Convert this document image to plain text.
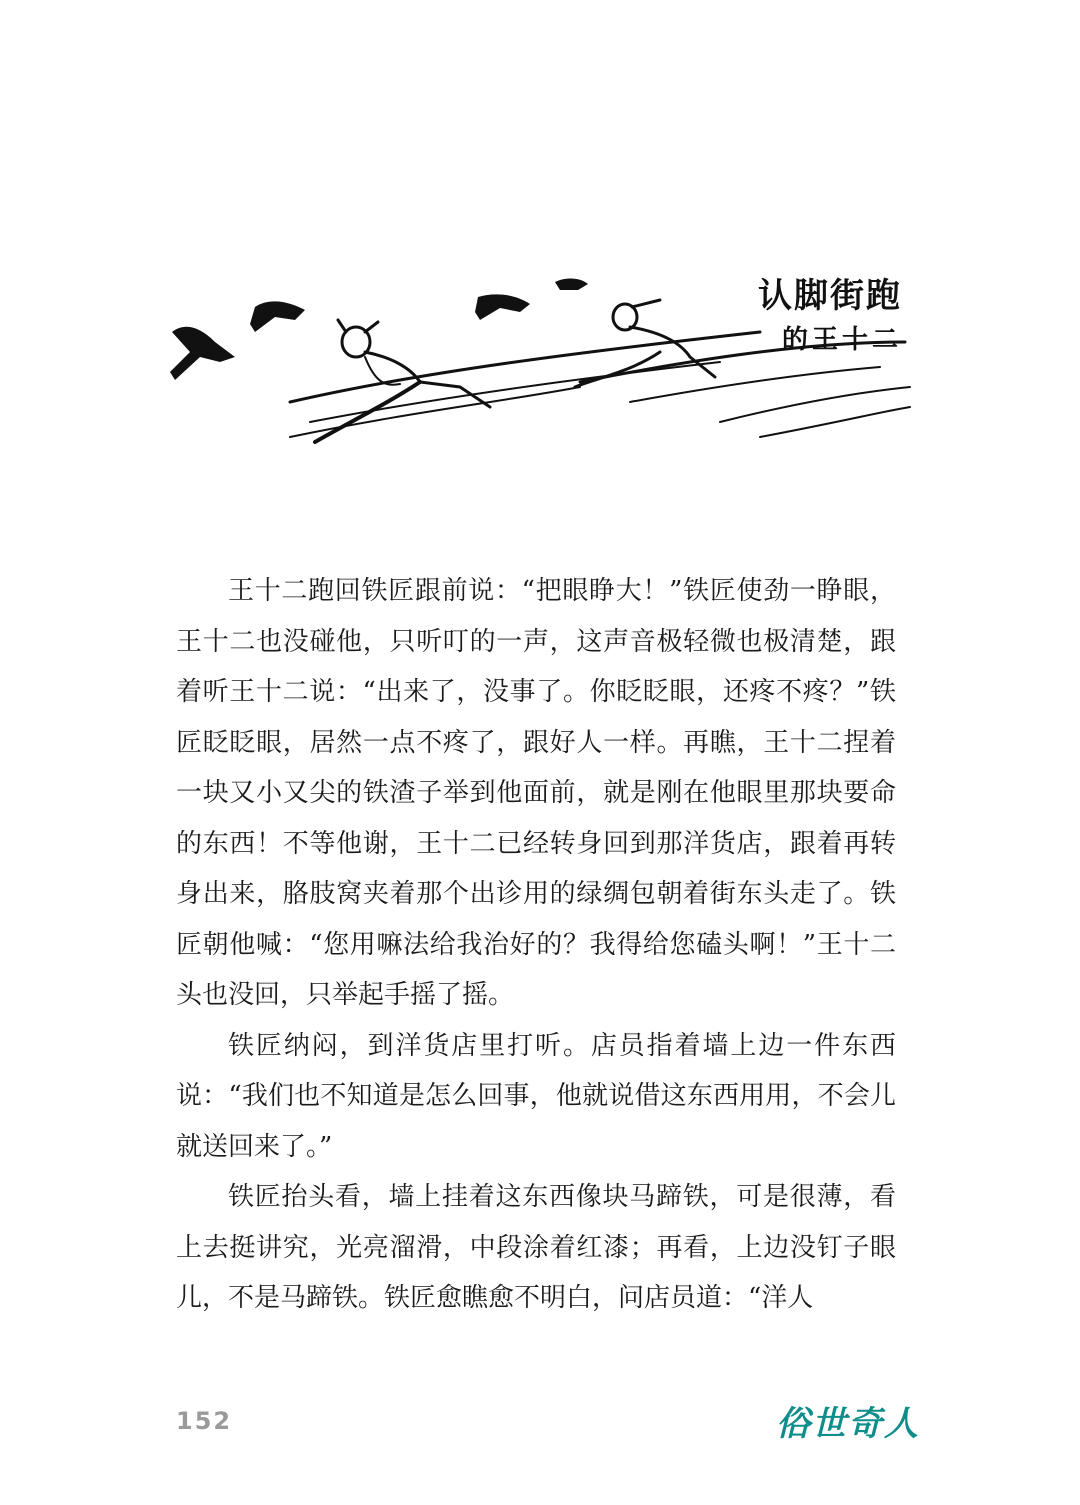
认脚街跑
的王十二

王十二跑回铁匠跟前说：“把眼睁大！”铁匠使劲一睁眼，王十二也没碰他，只听叮的一声，这声音极轻微也极清楚，跟着听王十二说：“出来了，没事了。你眨眨眼，还疼不疼？”铁匠眨眨眼，居然一点不疼了，跟好人一样。再瞧，王十二捏着一块又小又尖的铁渣子举到他面前，就是刚在他眼里那块要命的东西！不等他谢，王十二已经转身回到那洋货店，跟着再转身出来，胳肢窝夹着那个出诊用的绿绸包朝着街东头走了。铁匠朝他喊：“您用嘛法给我治好的？我得给您磕头啊！”王十二头也没回，只举起手摇了摇。

铁匠纳闷，到洋货店里打听。店员指着墙上边一件东西说：“我们也不知道是怎么回事，他就说借这东西用用，不会儿就送回来了。”

铁匠抬头看，墙上挂着这东西像块马蹄铁，可是很薄，看上去挺讲究，光亮溜滑，中段涂着红漆；再看，上边没钉子眼儿，不是马蹄铁。铁匠愈瞧愈不明白，问店员道：“洋人

152	俗世奇人
